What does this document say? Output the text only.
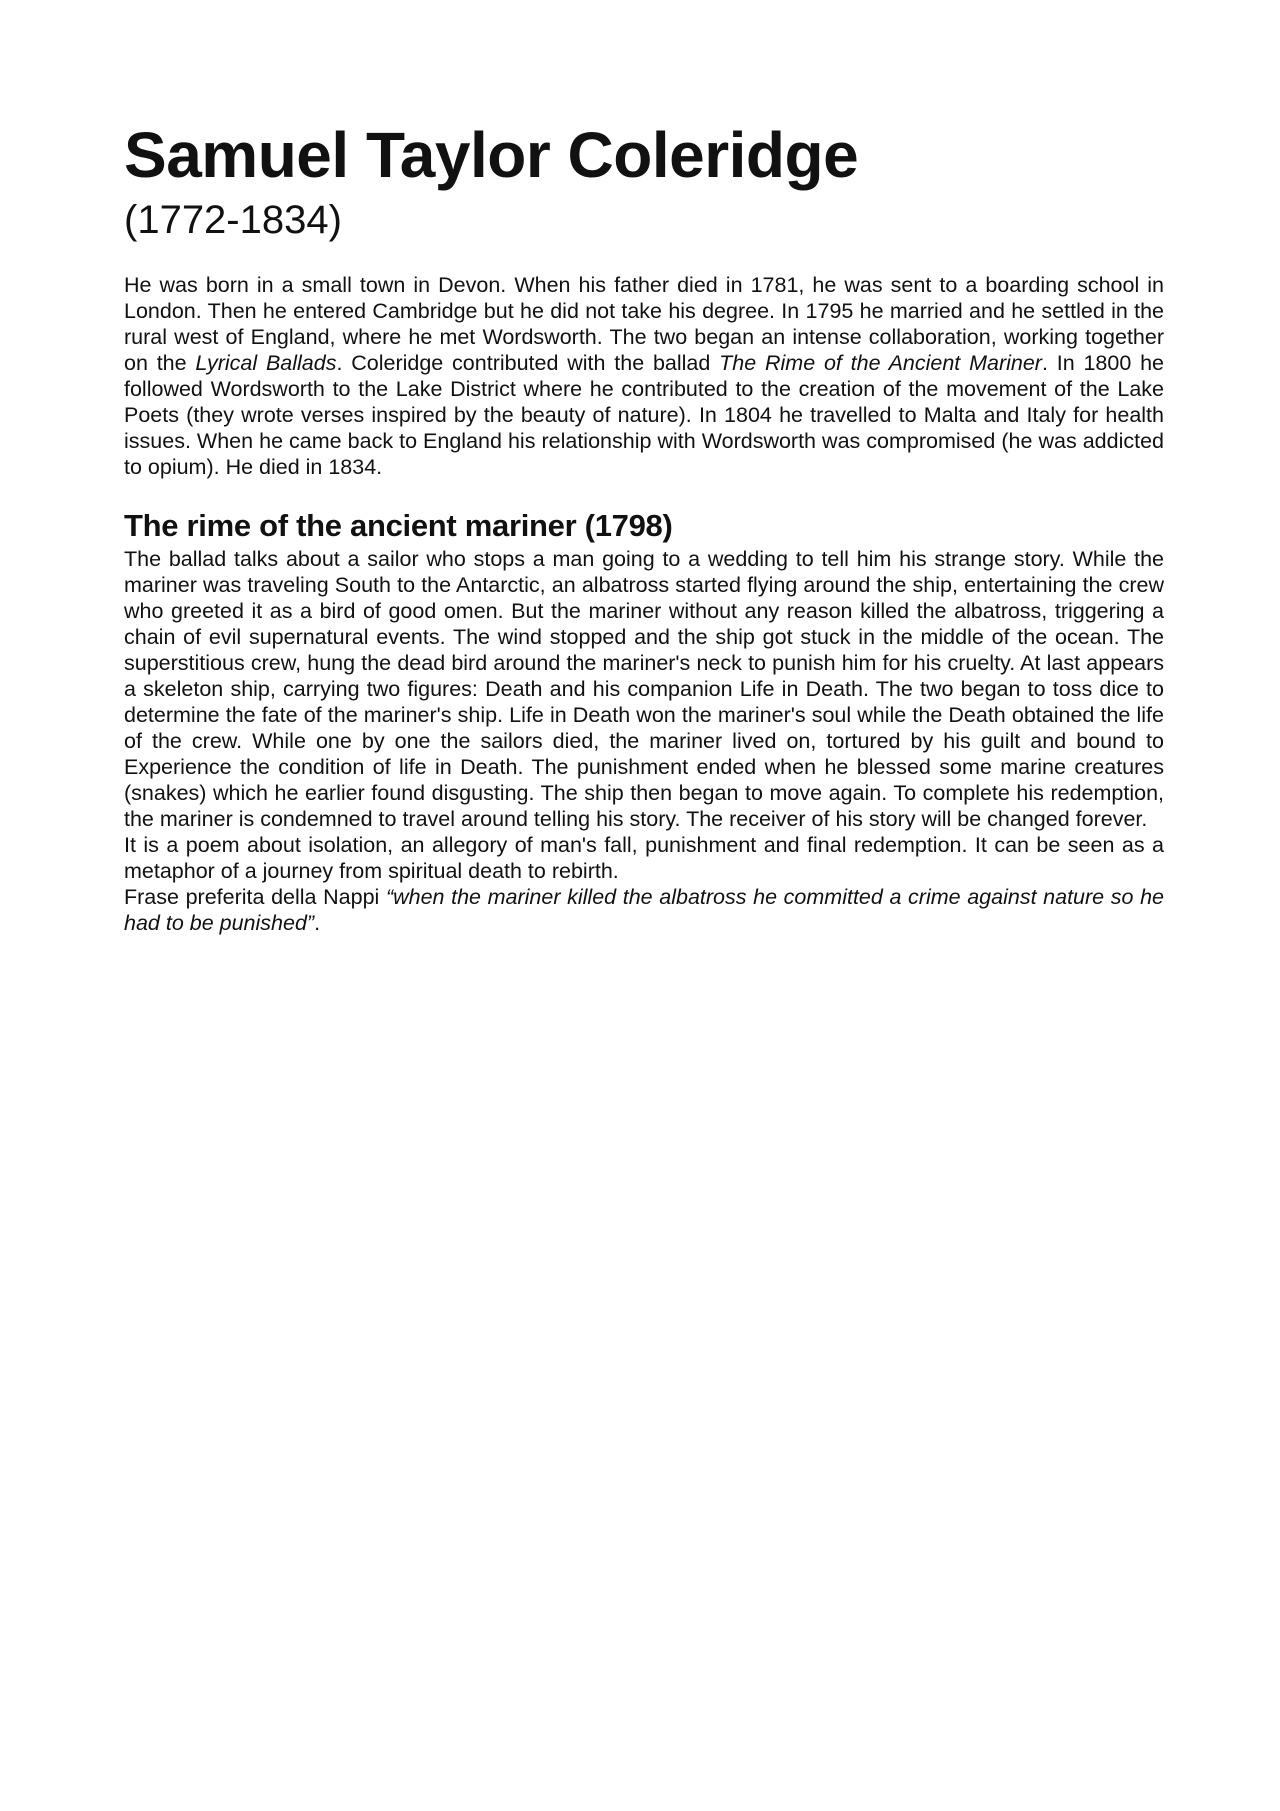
Samuel Taylor Coleridge
(1772-1834)

He was born in a small town in Devon. When his father died in 1781, he was sent to a boarding school in London. Then he entered Cambridge but he did not take his degree. In 1795 he married and he settled in the rural west of England, where he met Wordsworth. The two began an intense collaboration, working together on the Lyrical Ballads. Coleridge contributed with the ballad The Rime of the Ancient Mariner. In 1800 he followed Wordsworth to the Lake District where he contributed to the creation of the movement of the Lake Poets (they wrote verses inspired by the beauty of nature). In 1804 he travelled to Malta and Italy for health issues. When he came back to England his relationship with Wordsworth was compromised (he was addicted to opium). He died in 1834.

The rime of the ancient mariner (1798)

The ballad talks about a sailor who stops a man going to a wedding to tell him his strange story. While the mariner was traveling South to the Antarctic, an albatross started flying around the ship, entertaining the crew who greeted it as a bird of good omen. But the mariner without any reason killed the albatross, triggering a chain of evil supernatural events. The wind stopped and the ship got stuck in the middle of the ocean. The superstitious crew, hung the dead bird around the mariner's neck to punish him for his cruelty. At last appears a skeleton ship, carrying two figures: Death and his companion Life in Death. The two began to toss dice to determine the fate of the mariner's ship. Life in Death won the mariner's soul while the Death obtained the life of the crew. While one by one the sailors died, the mariner lived on, tortured by his guilt and bound to Experience the condition of life in Death. The punishment ended when he blessed some marine creatures (snakes) which he earlier found disgusting. The ship then began to move again. To complete his redemption, the mariner is condemned to travel around telling his story. The receiver of his story will be changed forever.

It is a poem about isolation, an allegory of man's fall, punishment and final redemption. It can be seen as a metaphor of a journey from spiritual death to rebirth.

Frase preferita della Nappi “when the mariner killed the albatross he committed a crime against nature so he had to be punished”.
